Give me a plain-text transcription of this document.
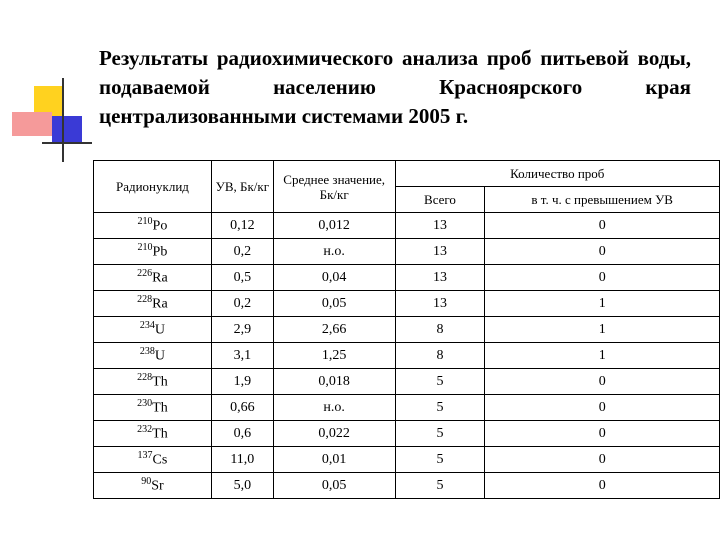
Результаты радиохимического анализа проб питьевой воды, подаваемой населению Красноярского края централизованными системами 2005 г.
Радионуклид	УВ, Бк/кг	Среднее значение, Бк/кг	Количество проб	
			Всего	в т. ч. с превышением УВ
$^{210}$Po	0,12	0,012	13	0
$^{210}$Pb	0,2	н.о.	13	0
$^{226}$Ra	0,5	0,04	13	0
$^{228}$Ra	0,2	0,05	13	1
$^{234}$U	2,9	2,66	8	1
$^{238}$U	3,1	1,25	8	1
$^{228}$Th	1,9	0,018	5	0
$^{230}$Th	0,66	н.о.	5	0
$^{232}$Th	0,6	0,022	5	0
$^{137}$Cs	11,0	0,01	5	0
$^{90}$Sr	5,0	0,05	5	0
